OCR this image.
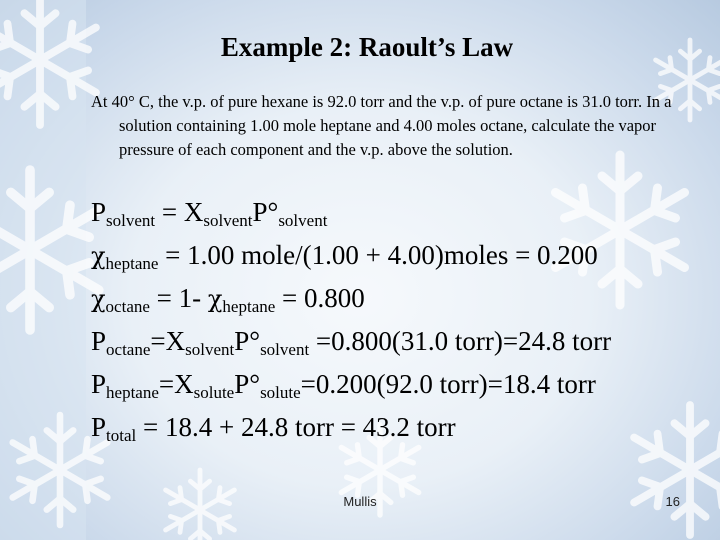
Example 2: Raoult’s Law

At 40° C, the v.p. of pure hexane is 92.0 torr and the v.p. of pure octane is 31.0 torr. In a solution containing 1.00 mole heptane and 4.00 moles octane, calculate the vapor pressure of each component and the v.p. above the solution.

$P_{solvent} = X_{solvent}P^\circ_{solvent}$
$\chi_{heptane} = 1.00$ mole/(1.00 + 4.00)moles = 0.200
$\chi_{octane} = 1-$ $\chi_{heptane} = 0.800$
$P_{octane}=X_{solvent}P^\circ_{solvent} =0.800(31.0$ torr)=24.8 torr
$P_{heptane}=X_{solute}P^\circ_{solute}=0.200(92.0$ torr)=18.4 torr
$P_{total} = 18.4 + 24.8$ torr = 43.2 torr
Mullis	16
